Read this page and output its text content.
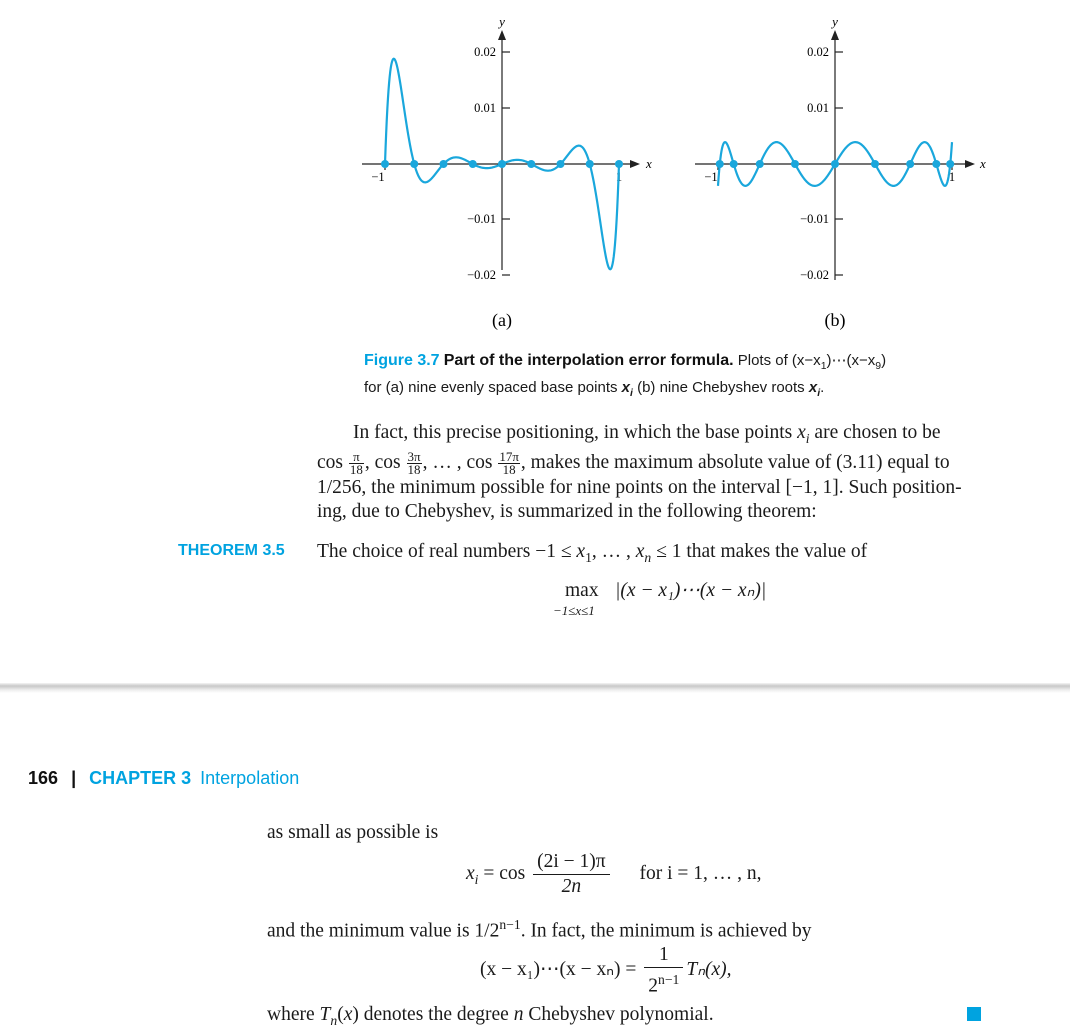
y
x
0.02
0.01
−0.01
−0.02
−1	1
(a)
y
x
0.02
0.01
−0.01
−0.02
−1	1
(b)
Figure 3.7 Part of the interpolation error formula. Plots of $(x-x_1)\cdots(x-x_9)$
for (a) nine evenly spaced base points $x_i$ (b) nine Chebyshev roots $x_i$.
In fact, this precise positioning, in which the base points $x_i$ are chosen to be
$\cos \frac{\pi}{18}$ , $\cos \frac{3\pi}{18}$ , … , $\cos \frac{17\pi}{18}$ , makes the maximum absolute value of (3.11) equal to
1/256, the minimum possible for nine points on the interval [−1, 1]. Such position-
ing, due to Chebyshev, is summarized in the following theorem:
THEOREM 3.5 The choice of real numbers $-1 \le x_1$, … , $x_n \le 1$ that makes the value of
max
−1≤x≤1
|(x − x₁)⋯(x − xₙ)|
166 | CHAPTER 3 Interpolation
as small as possible is
$x_i = \cos \frac{(2i - 1)\pi}{2n}$ for i = 1, … , n,
and the minimum value is $1/2^{n-1}$. In fact, the minimum is achieved by
(x − x₁)⋯(x − $x_n) = \frac{1}{2^{n-1}} T_n(x)$,
where $T_n(x)$ denotes the degree n Chebyshev polynomial.
